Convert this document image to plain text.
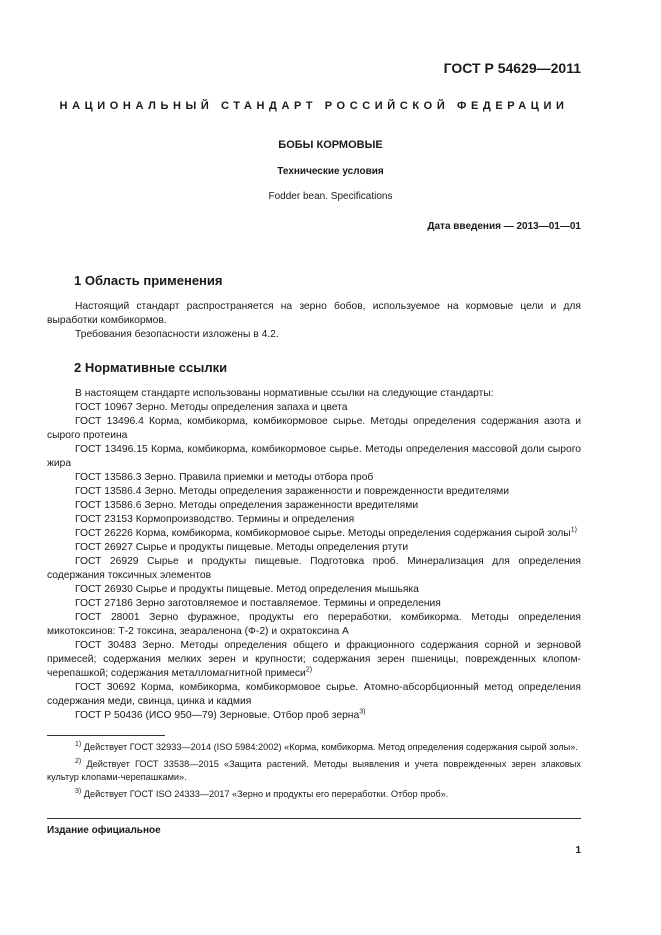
ГОСТ Р 54629—2011
НАЦИОНАЛЬНЫЙ СТАНДАРТ РОССИЙСКОЙ ФЕДЕРАЦИИ
БОБЫ КОРМОВЫЕ
Технические условия
Fodder bean. Specifications
Дата введения — 2013—01—01
1 Область применения

Настоящий стандарт распространяется на зерно бобов, используемое на кормовые цели и для выработки комбикормов.

Требования безопасности изложены в 4.2.

2 Нормативные ссылки

В настоящем стандарте использованы нормативные ссылки на следующие стандарты:

ГОСТ 10967 Зерно. Методы определения запаха и цвета

ГОСТ 13496.4 Корма, комбикорма, комбикормовое сырье. Методы определения содержания азота и сырого протеина

ГОСТ 13496.15 Корма, комбикорма, комбикормовое сырье. Методы определения массовой доли сырого жира

ГОСТ 13586.3 Зерно. Правила приемки и методы отбора проб

ГОСТ 13586.4 Зерно. Методы определения зараженности и поврежденности вредителями

ГОСТ 13586.6 Зерно. Методы определения зараженности вредителями

ГОСТ 23153 Кормопроизводство. Термины и определения

ГОСТ 26226 Корма, комбикорма, комбикормовое сырье. Методы определения содержания сырой золы$^{1)}$

ГОСТ 26927 Сырье и продукты пищевые. Методы определения ртути

ГОСТ 26929 Сырье и продукты пищевые. Подготовка проб. Минерализация для определения содержания токсичных элементов

ГОСТ 26930 Сырье и продукты пищевые. Метод определения мышьяка

ГОСТ 27186 Зерно заготовляемое и поставляемое. Термины и определения

ГОСТ 28001 Зерно фуражное, продукты его переработки, комбикорма. Методы определения микотоксинов: Т-2 токсина, зеараленона (Ф-2) и охратоксина А

ГОСТ 30483 Зерно. Методы определения общего и фракционного содержания сорной и зерновой примесей; содержания мелких зерен и крупности; содержания зерен пшеницы, поврежденных клопом-черепашкой; содержания металломагнитной примеси$^{2)}$

ГОСТ 30692 Корма, комбикорма, комбикормовое сырье. Атомно-абсорбционный метод определения содержания меди, свинца, цинка и кадмия

ГОСТ Р 50436 (ИСО 950—79) Зерновые. Отбор проб зерна$^{3)}$

$^{1)}$ Действует ГОСТ 32933—2014 (ISO 5984:2002) «Корма, комбикорма. Метод определения содержания сырой золы».

$^{2)}$ Действует ГОСТ 33538—2015 «Защита растений. Методы выявления и учета поврежденных зерен злаковых культур клопами-черепашками».

$^{3)}$ Действует ГОСТ ISO 24333—2017 «Зерно и продукты его переработки. Отбор проб».

Издание официальное
1
